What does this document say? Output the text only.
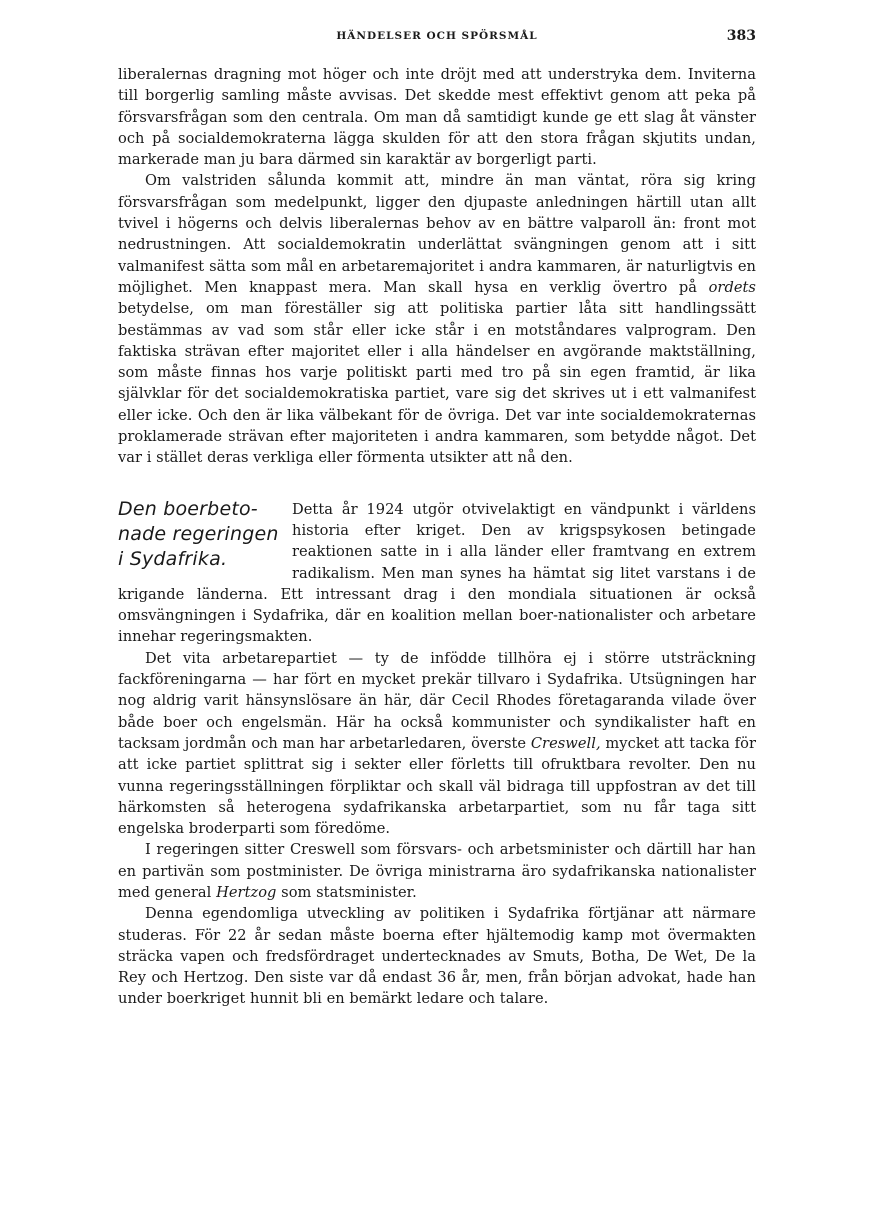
HÄNDELSER OCH SPÖRSMÅL	383

liberalernas dragning mot höger och inte dröjt med att understryka dem. Inviterna till borgerlig samling måste avvisas. Det skedde mest effektivt genom att peka på försvarsfrågan som den centrala. Om man då samtidigt kunde ge ett slag åt vänster och på socialdemokraterna lägga skulden för att den stora frågan skjutits undan, markerade man ju bara därmed sin karaktär av borgerligt parti.

Om valstriden sålunda kommit att, mindre än man väntat, röra sig kring försvarsfrågan som medelpunkt, ligger den djupaste anledningen härtill utan allt tvivel i högerns och delvis liberalernas behov av en bättre valparoll än: front mot nedrustningen. Att socialdemokratin underlättat svängningen genom att i sitt valmanifest sätta som mål en arbetaremajoritet i andra kammaren, är naturligtvis en möjlighet. Men knappast mera. Man skall hysa en verklig övertro på ordets betydelse, om man föreställer sig att politiska partier låta sitt handlingssätt bestämmas av vad som står eller icke står i en motståndares valprogram. Den faktiska strävan efter majoritet eller i alla händelser en avgörande maktställning, som måste finnas hos varje politiskt parti med tro på sin egen framtid, är lika självklar för det socialdemokratiska partiet, vare sig det skrives ut i ett valmanifest eller icke. Och den är lika välbekant för de övriga. Det var inte socialdemokraternas proklamerade strävan efter majoriteten i andra kammaren, som betydde något. Det var i stället deras verkliga eller förmenta utsikter att nå den.

Den boerbeto-
nade regeringen
i Sydafrika.
Detta år 1924 utgör otvivelaktigt en vändpunkt i världens historia efter kriget. Den av krigspsykosen betingade reaktionen satte in i alla länder eller framtvang en extrem radikalism. Men man synes ha hämtat sig litet varstans i de krigande länderna. Ett intressant drag i den mondiala situationen är också omsvängningen i Sydafrika, där en koalition mellan boer-nationalister och arbetare innehar regeringsmakten.

Det vita arbetarepartiet — ty de infödde tillhöra ej i större utsträckning fackföreningarna — har fört en mycket prekär tillvaro i Sydafrika. Utsügningen har nog aldrig varit hänsynslösare än här, där Cecil Rhodes företagaranda vilade över både boer och engelsmän. Här ha också kommunister och syndikalister haft en tacksam jordmån och man har arbetarledaren, överste Creswell, mycket att tacka för att icke partiet splittrat sig i sekter eller förletts till ofruktbara revolter. Den nu vunna regeringsställningen förpliktar och skall väl bidraga till uppfostran av det till härkomsten så heterogena sydafrikanska arbetarpartiet, som nu får taga sitt engelska broderparti som föredöme.

I regeringen sitter Creswell som försvars- och arbetsminister och därtill har han en partivän som postminister. De övriga ministrarna äro sydafrikanska nationalister med general Hertzog som statsminister.

Denna egendomliga utveckling av politiken i Sydafrika förtjänar att närmare studeras. För 22 år sedan måste boerna efter hjältemodig kamp mot övermakten sträcka vapen och fredsfördraget undertecknades av Smuts, Botha, De Wet, De la Rey och Hertzog. Den siste var då endast 36 år, men, från början advokat, hade han under boerkriget hunnit bli en bemärkt ledare och talare.
